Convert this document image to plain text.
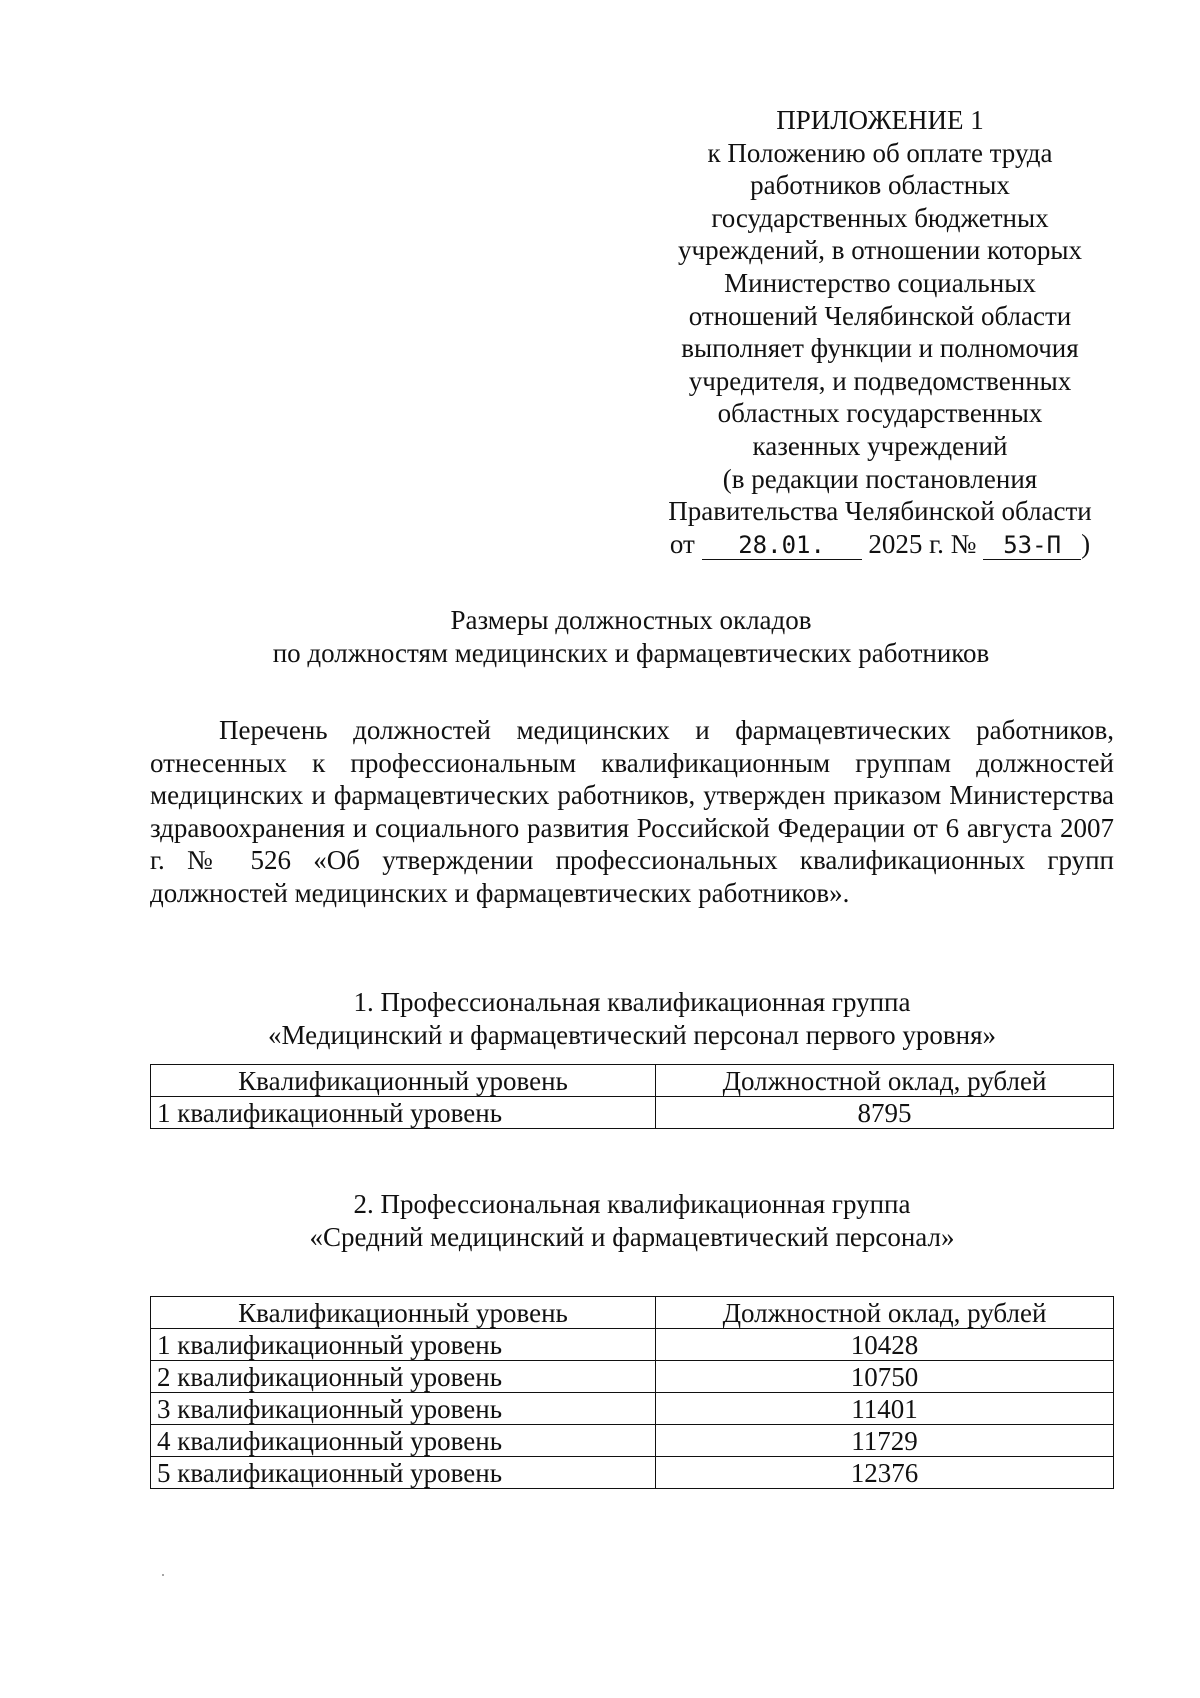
ПРИЛОЖЕНИЕ 1
к Положению об оплате труда
работников областных
государственных бюджетных
учреждений, в отношении которых
Министерство социальных
отношений Челябинской области
выполняет функции и полномочия
учредителя, и подведомственных
областных государственных
казенных учреждений
(в редакции постановления
Правительства Челябинской области
от 28.01. 2025 г. № 53-П )
Размеры должностных окладов
по должностям медицинских и фармацевтических работников
Перечень должностей медицинских и фармацевтических работников, отнесенных к профессиональным квалификационным группам должностей медицинских и фармацевтических работников, утвержден приказом Министерства здравоохранения и социального развития Российской Федерации от 6 августа 2007 г. № 526 «Об утверждении профессиональных квалификационных групп должностей медицинских и фармацевтических работников».
1. Профессиональная квалификационная группа
«Медицинский и фармацевтический персонал первого уровня»
Квалификационный уровень	Должностной оклад, рублей
1 квалификационный уровень	8795
2. Профессиональная квалификационная группа
«Средний медицинский и фармацевтический персонал»
Квалификационный уровень	Должностной оклад, рублей
1 квалификационный уровень	10428
2 квалификационный уровень	10750
3 квалификационный уровень	11401
4 квалификационный уровень	11729
5 квалификационный уровень	12376
